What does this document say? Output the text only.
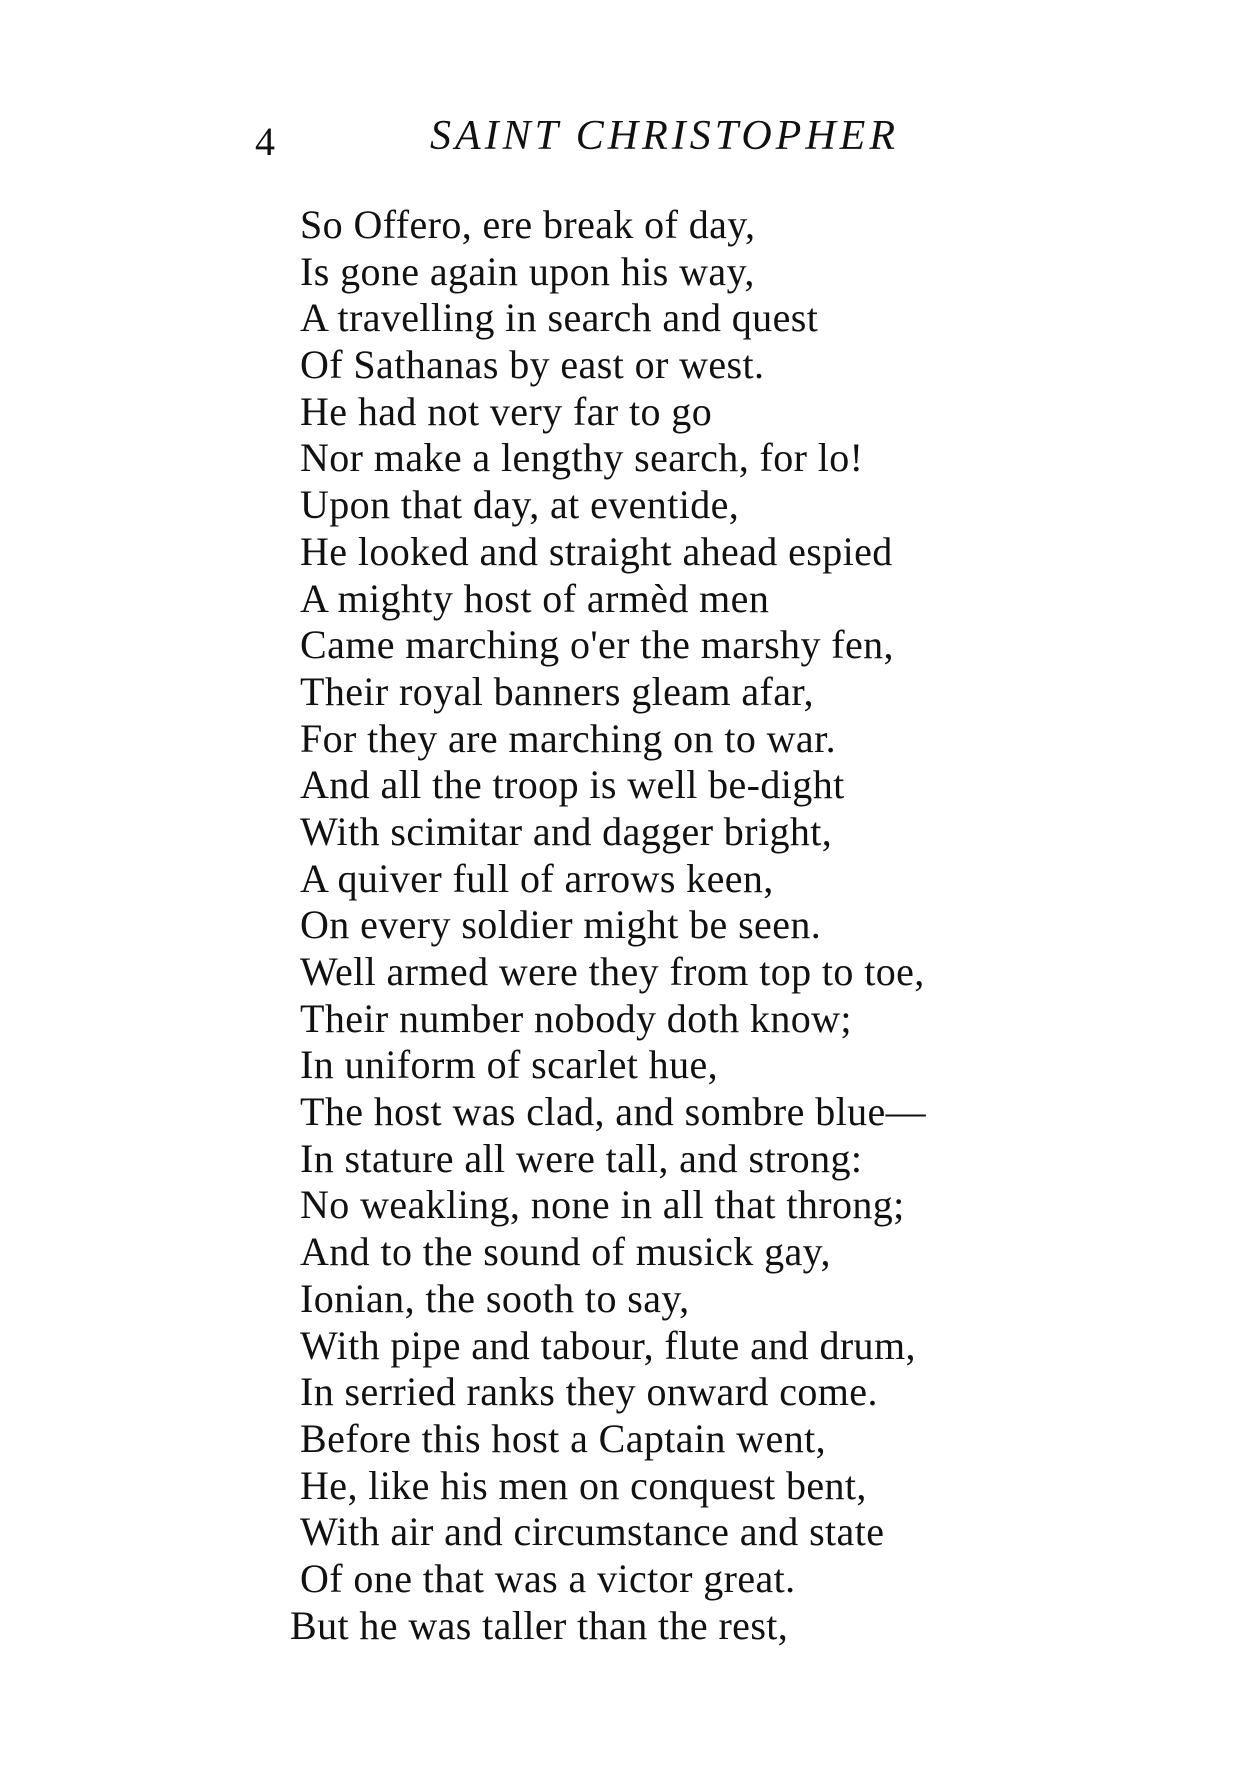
4	SAINT CHRISTOPHER
So Offero, ere break of day,
Is gone again upon his way,
A travelling in search and quest
Of Sathanas by east or west.
He had not very far to go
Nor make a lengthy search, for lo!
Upon that day, at eventide,
He looked and straight ahead espied
A mighty host of armèd men
Came marching o'er the marshy fen,
Their royal banners gleam afar,
For they are marching on to war.
And all the troop is well be-dight
With scimitar and dagger bright,
A quiver full of arrows keen,
On every soldier might be seen.
Well armed were they from top to toe,
Their number nobody doth know;
In uniform of scarlet hue,
The host was clad, and sombre blue—
In stature all were tall, and strong:
No weakling, none in all that throng;
And to the sound of musick gay,
Ionian, the sooth to say,
With pipe and tabour, flute and drum,
In serried ranks they onward come.
Before this host a Captain went,
He, like his men on conquest bent,
With air and circumstance and state
Of one that was a victor great.
But he was taller than the rest,
